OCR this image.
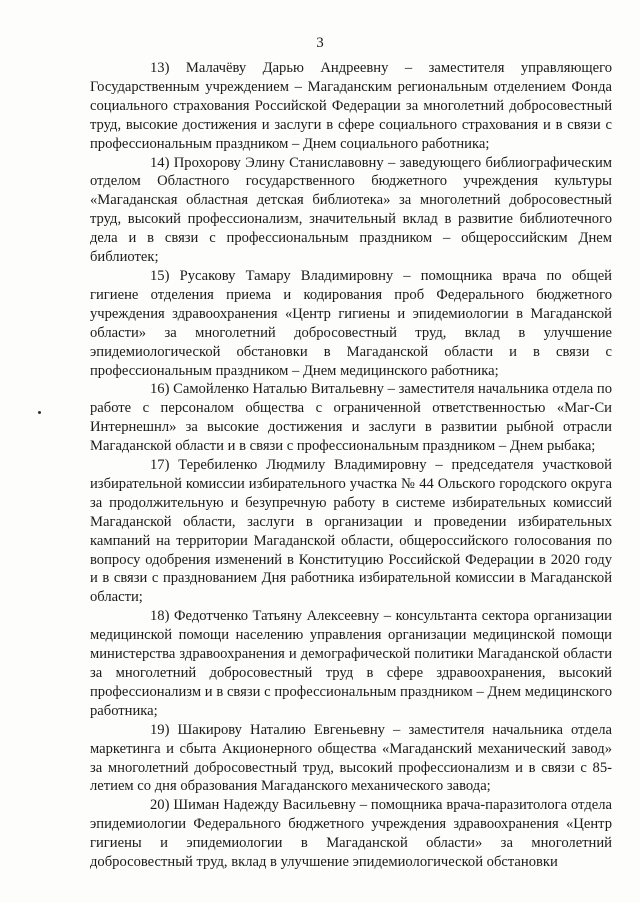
3

13) Малачёву Дарью Андреевну – заместителя управляющего Государственным учреждением – Магаданским региональным отделением Фонда социального страхования Российской Федерации за многолетний добросовестный труд, высокие достижения и заслуги в сфере социального страхования и в связи с профессиональным праздником – Днем социального работника;

14) Прохорову Элину Станиславовну – заведующего библиографическим отделом Областного государственного бюджетного учреждения культуры «Магаданская областная детская библиотека» за многолетний добросовестный труд, высокий профессионализм, значительный вклад в развитие библиотечного дела и в связи с профессиональным праздником – общероссийским Днем библиотек;

15) Русакову Тамару Владимировну – помощника врача по общей гигиене отделения приема и кодирования проб Федерального бюджетного учреждения здравоохранения «Центр гигиены и эпидемиологии в Магаданской области» за многолетний добросовестный труд, вклад в улучшение эпидемиологической обстановки в Магаданской области и в связи с профессиональным праздником – Днем медицинского работника;

16) Самойленко Наталью Витальевну – заместителя начальника отдела по работе с персоналом общества с ограниченной ответственностью «Маг-Си Интернешнл» за высокие достижения и заслуги в развитии рыбной отрасли Магаданской области и в связи с профессиональным праздником – Днем рыбака;

17) Теребиленко Людмилу Владимировну – председателя участковой избирательной комиссии избирательного участка № 44 Ольского городского округа за продолжительную и безупречную работу в системе избирательных комиссий Магаданской области, заслуги в организации и проведении избирательных кампаний на территории Магаданской области, общероссийского голосования по вопросу одобрения изменений в Конституцию Российской Федерации в 2020 году и в связи с празднованием Дня работника избирательной комиссии в Магаданской области;

18) Федотченко Татьяну Алексеевну – консультанта сектора организации медицинской помощи населению управления организации медицинской помощи министерства здравоохранения и демографической политики Магаданской области за многолетний добросовестный труд в сфере здравоохранения, высокий профессионализм и в связи с профессиональным праздником – Днем медицинского работника;

19) Шакирову Наталию Евгеньевну – заместителя начальника отдела маркетинга и сбыта Акционерного общества «Магаданский механический завод» за многолетний добросовестный труд, высокий профессионализм и в связи с 85-летием со дня образования Магаданского механического завода;

20) Шиман Надежду Васильевну – помощника врача-паразитолога отдела эпидемиологии Федерального бюджетного учреждения здравоохранения «Центр гигиены и эпидемиологии в Магаданской области» за многолетний добросовестный труд, вклад в улучшение эпидемиологической обстановки
